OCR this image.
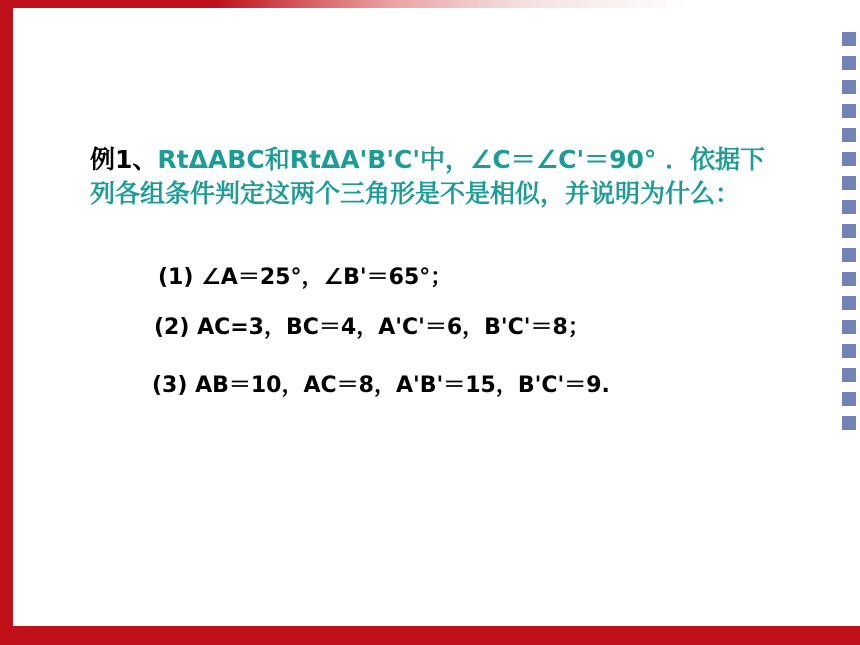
例1、RtΔABC和RtΔA'B'C'中，∠C＝∠C'＝90° ．依据下列各组条件判定这两个三角形是不是相似，并说明为什么：
(1) ∠A＝25°，∠B'＝65°；
(2) AC=3，BC＝4，A'C'＝6，B'C'＝8；
(3) AB＝10，AC＝8，A'B'＝15，B'C'＝9.
